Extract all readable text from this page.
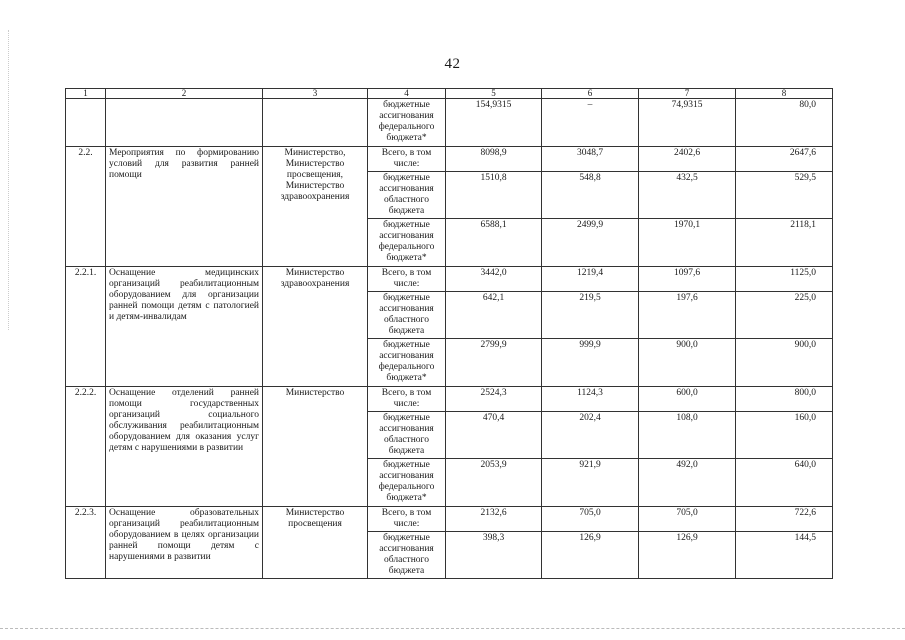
42
1	2	3	4	5	6	7	8
			бюджетные ассигнования федерального бюджета*	154,9315	–	74,9315	80,0
2.2.	Мероприятия по формированию условий для развития ранней помощи	Министерство, Министерство просвещения, Министерство здравоохранения	Всего, в том числе:	8098,9	3048,7	2402,6	2647,6
			бюджетные ассигнования областного бюджета	1510,8	548,8	432,5	529,5
			бюджетные ассигнования федерального бюджета*	6588,1	2499,9	1970,1	2118,1
2.2.1.	Оснащение медицинских организаций реабилитационным оборудованием для организации ранней помощи детям с патологией и детям-инвалидам	Министерство здравоохранения	Всего, в том числе:	3442,0	1219,4	1097,6	1125,0
			бюджетные ассигнования областного бюджета	642,1	219,5	197,6	225,0
			бюджетные ассигнования федерального бюджета*	2799,9	999,9	900,0	900,0
2.2.2.	Оснащение отделений ранней помощи государственных организаций социального обслуживания реабилитационным оборудованием для оказания услуг детям с нарушениями в развитии	Министерство	Всего, в том числе:	2524,3	1124,3	600,0	800,0
			бюджетные ассигнования областного бюджета	470,4	202,4	108,0	160,0
			бюджетные ассигнования федерального бюджета*	2053,9	921,9	492,0	640,0
2.2.3.	Оснащение образовательных организаций реабилитационным оборудованием в целях организации ранней помощи детям с нарушениями в развитии	Министерство просвещения	Всего, в том числе:	2132,6	705,0	705,0	722,6
			бюджетные ассигнования областного бюджета	398,3	126,9	126,9	144,5
